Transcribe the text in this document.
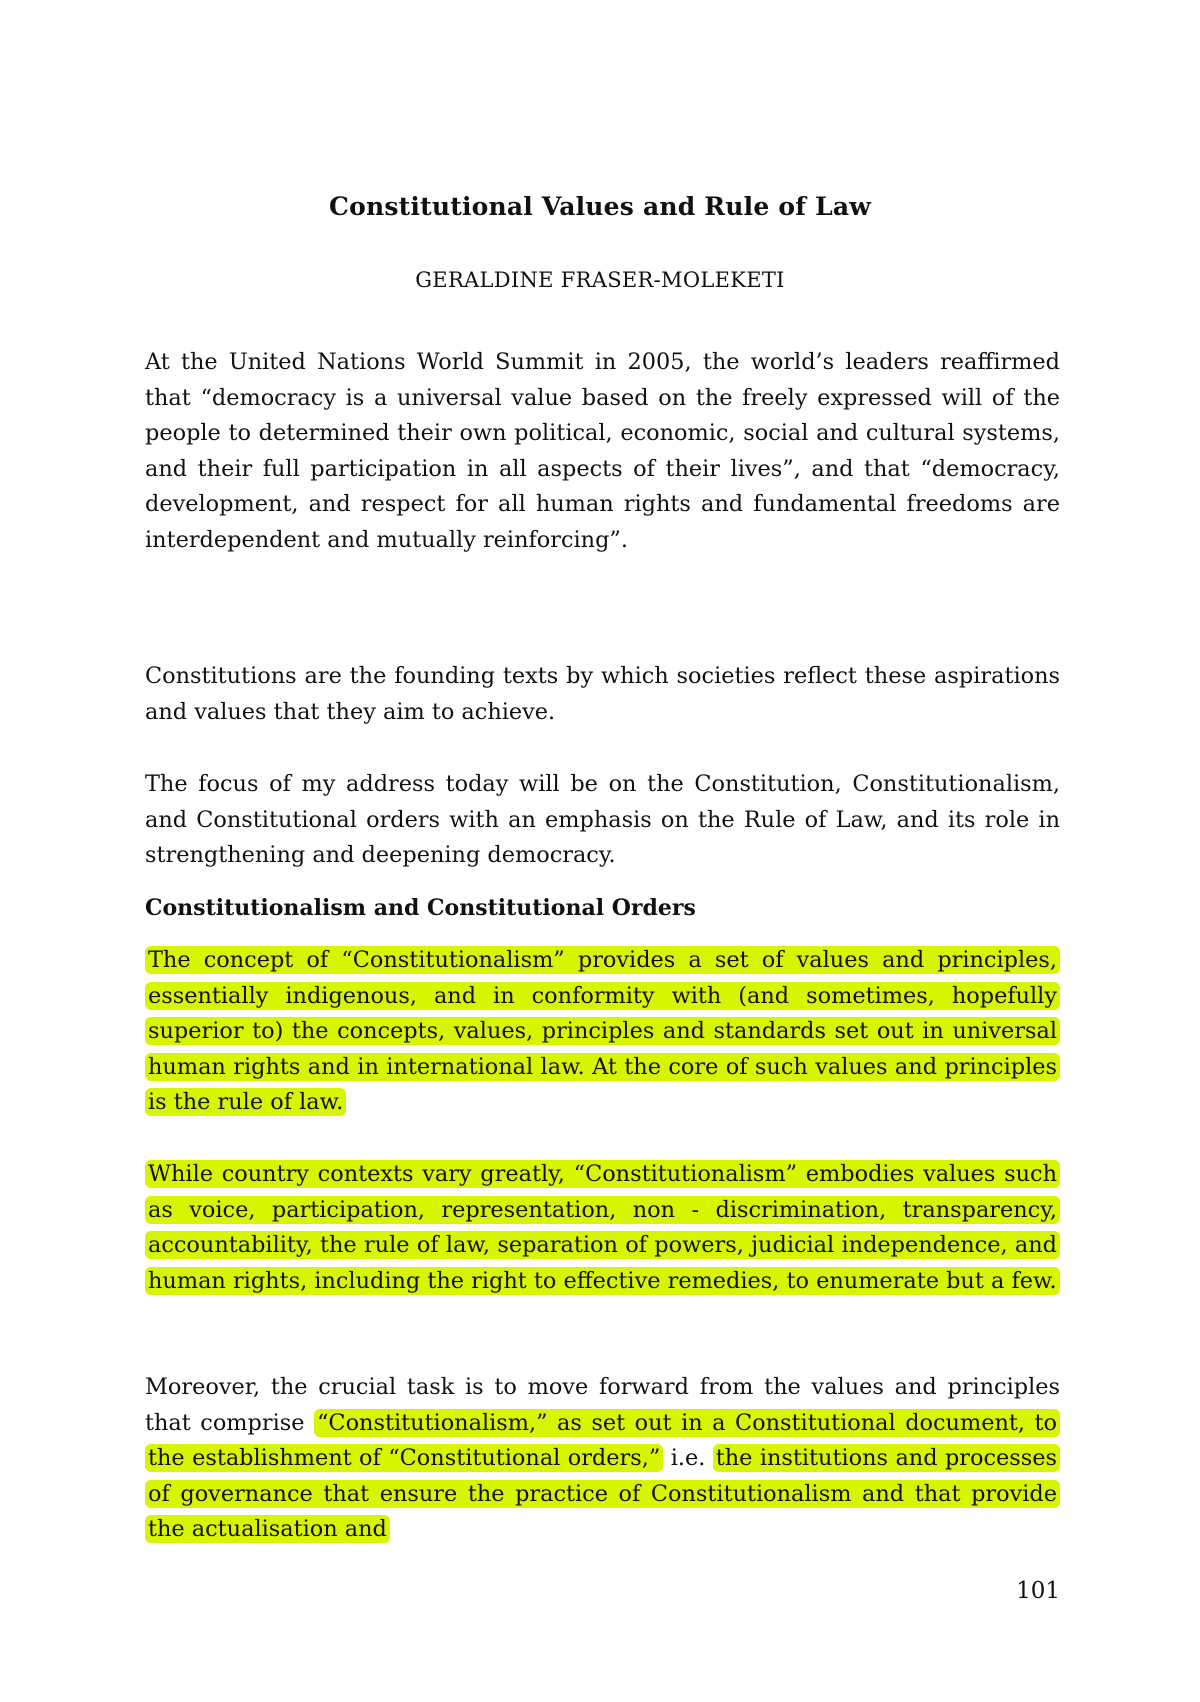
Constitutional Values and Rule of Law
GERALDINE FRASER-MOLEKETI

At the United Nations World Summit in 2005, the world’s leaders reaffirmed that “democracy is a universal value based on the freely expressed will of the people to determined their own political, economic, social and cultural systems, and their full participation in all aspects of their lives”, and that “democracy, development, and respect for all human rights and fundamental freedoms are interdependent and mutually reinforcing”.

Constitutions are the founding texts by which societies reflect these aspirations and values that they aim to achieve.

The focus of my address today will be on the Constitution, Constitutionalism, and Constitutional orders with an emphasis on the Rule of Law, and its role in strengthening and deepening democracy.

Constitutionalism and Constitutional Orders

The concept of “Constitutionalism” provides a set of values and principles, essentially indigenous, and in conformity with (and sometimes, hopefully superior to) the concepts, values, principles and standards set out in universal human rights and in international law. At the core of such values and principles is the rule of law.

While country contexts vary greatly, “Constitutionalism” embodies values such as voice, participation, representation, non - discrimination, transparency, accountability, the rule of law, separation of powers, judicial independence, and human rights, including the right to effective remedies, to enumerate but a few.

Moreover, the crucial task is to move forward from the values and principles that comprise “Constitutionalism,” as set out in a Constitutional document, to the establishment of “Constitutional orders,” i.e. the institutions and processes of governance that ensure the practice of Constitutionalism and that provide the actualisation and

101
